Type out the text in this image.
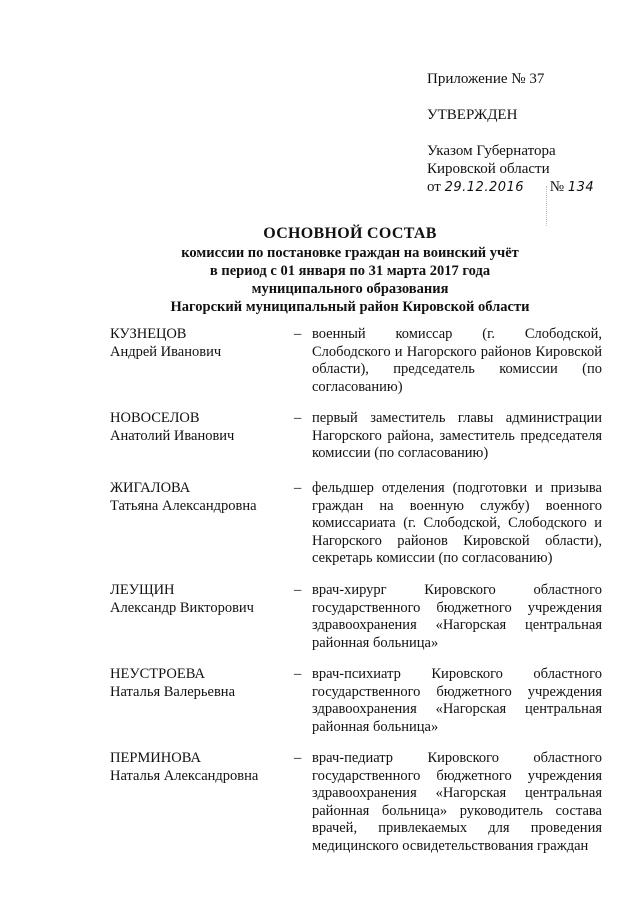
Приложение № 37
УТВЕРЖДЕН
Указом Губернатора
Кировской области
от 29.12.2016 № 134
ОСНОВНОЙ СОСТАВ
комиссии по постановке граждан на воинский учёт
в период с 01 января по 31 марта 2017 года
муниципального образования
Нагорский муниципальный район Кировской области
КУЗНЕЦОВ
Андрей Иванович
– военный комиссар (г. Слободской, Слободского и Нагорского районов Кировской области), председатель комиссии (по согласованию)
НОВОСЕЛОВ
Анатолий Иванович
– первый заместитель главы администрации Нагорского района, заместитель председателя комиссии (по согласованию)
ЖИГАЛОВА
Татьяна Александровна
– фельдшер отделения (подготовки и призыва граждан на военную службу) военного комиссариата (г. Слободской, Слободского и Нагорского районов Кировской области), секретарь комиссии (по согласованию)
ЛЕУЩИН
Александр Викторович
– врач-хирург Кировского областного государственного бюджетного учреждения здравоохранения «Нагорская центральная районная больница»
НЕУСТРОЕВА
Наталья Валерьевна
– врач-психиатр Кировского областного государственного бюджетного учреждения здравоохранения «Нагорская центральная районная больница»
ПЕРМИНОВА
Наталья Александровна
– врач-педиатр Кировского областного государственного бюджетного учреждения здравоохранения «Нагорская центральная районная больница» руководитель состава врачей, привлекаемых для проведения медицинского освидетельствования граждан
